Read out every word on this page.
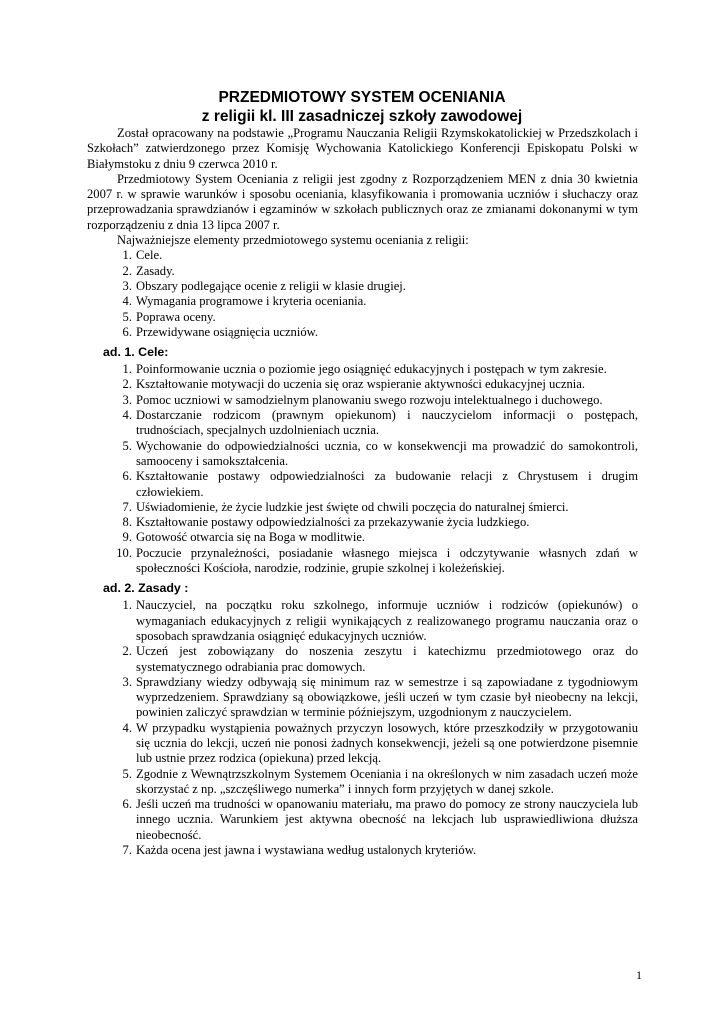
PRZEDMIOTOWY SYSTEM OCENIANIA
z religii kl. III zasadniczej szkoły zawodowej

Został opracowany na podstawie „Programu Nauczania Religii Rzymskokatolickiej w Przedszkolach i Szkołach” zatwierdzonego przez Komisję Wychowania Katolickiego Konferencji Episkopatu Polski w Białymstoku z dniu 9 czerwca 2010 r.

Przedmiotowy System Oceniania z religii jest zgodny z Rozporządzeniem MEN z dnia 30 kwietnia 2007 r. w sprawie warunków i sposobu oceniania, klasyfikowania i promowania uczniów i słuchaczy oraz przeprowadzania sprawdzianów i egzaminów w szkołach publicznych oraz ze zmianami dokonanymi w tym rozporządzeniu z dnia 13 lipca 2007 r.

Najważniejsze elementy przedmiotowego systemu oceniania z religii:

1. Cele.
2. Zasady.
3. Obszary podlegające ocenie z religii w klasie drugiej.
4. Wymagania programowe i kryteria oceniania.
5. Poprawa oceny.
6. Przewidywane osiągnięcia uczniów.
ad. 1. Cele:
1. Poinformowanie ucznia o poziomie jego osiągnięć edukacyjnych i postępach w tym zakresie.
2. Kształtowanie motywacji do uczenia się oraz wspieranie aktywności edukacyjnej ucznia.
3. Pomoc uczniowi w samodzielnym planowaniu swego rozwoju intelektualnego i duchowego.
4. Dostarczanie rodzicom (prawnym opiekunom) i nauczycielom informacji o postępach, trudnościach, specjalnych uzdolnieniach ucznia.
5. Wychowanie do odpowiedzialności ucznia, co w konsekwencji ma prowadzić do samokontroli, samooceny i samokształcenia.
6. Kształtowanie postawy odpowiedzialności za budowanie relacji z Chrystusem i drugim człowiekiem.
7. Uświadomienie, że życie ludzkie jest święte od chwili poczęcia do naturalnej śmierci.
8. Kształtowanie postawy odpowiedzialności za przekazywanie życia ludzkiego.
9. Gotowość otwarcia się na Boga w modlitwie.
10. Poczucie przynależności, posiadanie własnego miejsca i odczytywanie własnych zdań w społeczności Kościoła, narodzie, rodzinie, grupie szkolnej i koleżeńskiej.
ad. 2. Zasady :
1. Nauczyciel, na początku roku szkolnego, informuje uczniów i rodziców (opiekunów) o wymaganiach edukacyjnych z religii wynikających z realizowanego programu nauczania oraz o sposobach sprawdzania osiągnięć edukacyjnych uczniów.
2. Uczeń jest zobowiązany do noszenia zeszytu i katechizmu przedmiotowego oraz do systematycznego odrabiania prac domowych.
3. Sprawdziany wiedzy odbywają się minimum raz w semestrze i są zapowiadane z tygodniowym wyprzedzeniem. Sprawdziany są obowiązkowe, jeśli uczeń w tym czasie był nieobecny na lekcji, powinien zaliczyć sprawdzian w terminie późniejszym, uzgodnionym z nauczycielem.
4. W przypadku wystąpienia poważnych przyczyn losowych, które przeszkodziły w przygotowaniu się ucznia do lekcji, uczeń nie ponosi żadnych konsekwencji, jeżeli są one potwierdzone pisemnie lub ustnie przez rodzica (opiekuna) przed lekcją.
5. Zgodnie z Wewnątrzszkolnym Systemem Oceniania i na określonych w nim zasadach uczeń może skorzystać z np. „szczęśliwego numerka” i innych form przyjętych w danej szkole.
6. Jeśli uczeń ma trudności w opanowaniu materiału, ma prawo do pomocy ze strony nauczyciela lub innego ucznia. Warunkiem jest aktywna obecność na lekcjach lub usprawiedliwiona dłuższa nieobecność.
7. Każda ocena jest jawna i wystawiana według ustalonych kryteriów.
1
